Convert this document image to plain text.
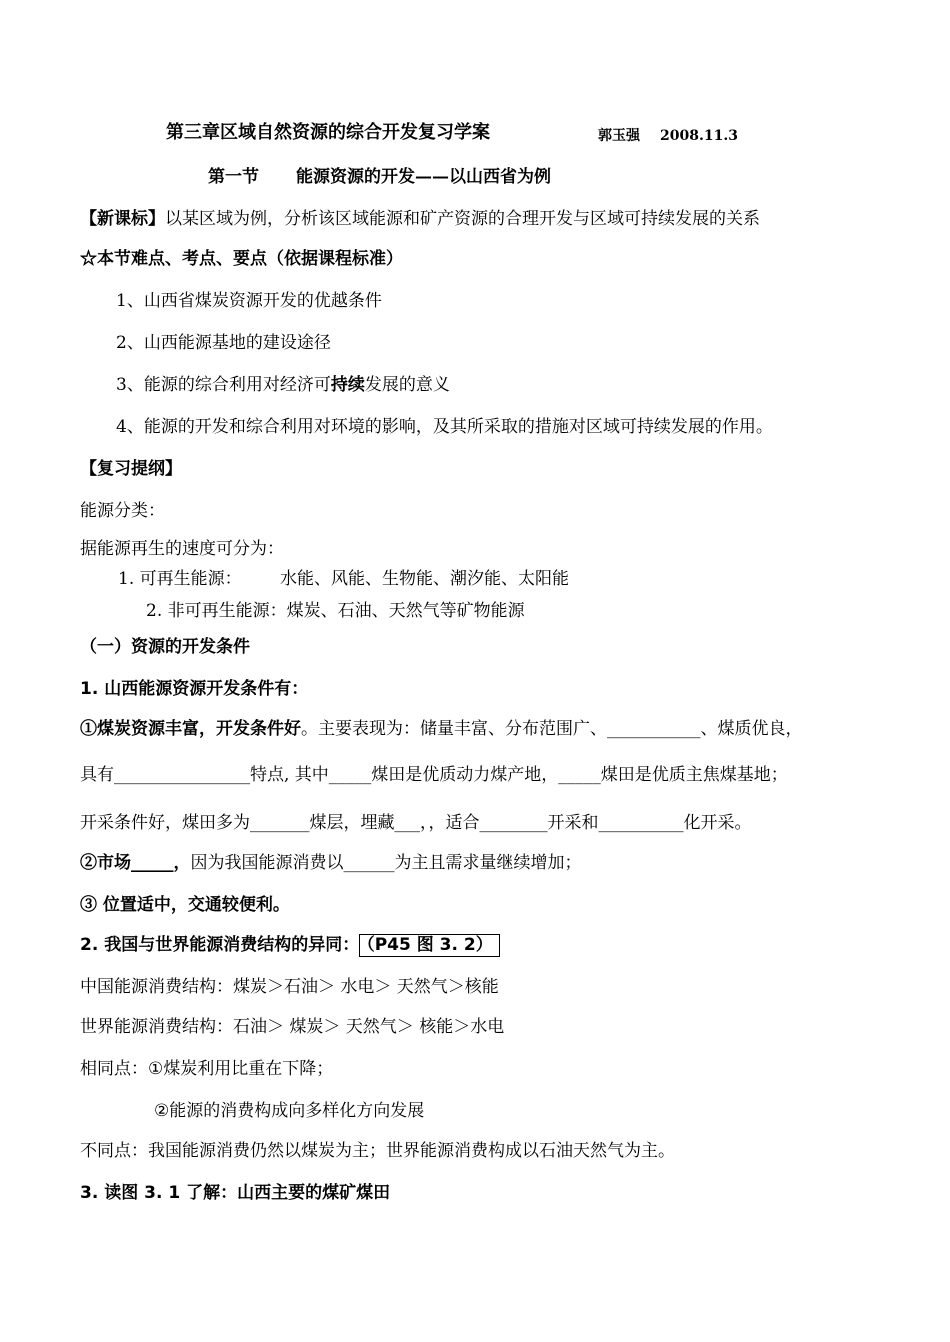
第三章区域自然资源的综合开发复习学案	郭玉强 2008.11.3
第一节 能源资源的开发——以山西省为例
【新课标】以某区域为例，分析该区域能源和矿产资源的合理开发与区域可持续发展的关系
☆本节难点、考点、要点（依据课程标准）
1、山西省煤炭资源开发的优越条件
2、山西能源基地的建设途径
3、能源的综合利用对经济可持续发展的意义
4、能源的开发和综合利用对环境的影响，及其所采取的措施对区域可持续发展的作用。
【复习提纲】
能源分类：
据能源再生的速度可分为：
1. 可再生能源： 水能、风能、生物能、潮汐能、太阳能
2. 非可再生能源：煤炭、石油、天然气等矿物能源
（一）资源的开发条件
1. 山西能源资源开发条件有：
①煤炭资源丰富，开发条件好。主要表现为：储量丰富、分布范围广、___________、煤质优良，
具有________________特点, 其中_____煤田是优质动力煤产地，_____煤田是优质主焦煤基地；
开采条件好，煤田多为_______煤层，埋藏___，，适合________开采和__________化开采。
②市场_____，因为我国能源消费以______为主且需求量继续增加；
③ 位置适中，交通较便利。
2. 我国与世界能源消费结构的异同： （P45 图 3. 2）
中国能源消费结构：煤炭＞石油＞ 水电＞ 天然气＞核能
世界能源消费结构：石油＞ 煤炭＞ 天然气＞ 核能＞水电
相同点：①煤炭利用比重在下降；
②能源的消费构成向多样化方向发展
不同点：我国能源消费仍然以煤炭为主；世界能源消费构成以石油天然气为主。
3. 读图 3. 1 了解：山西主要的煤矿煤田
